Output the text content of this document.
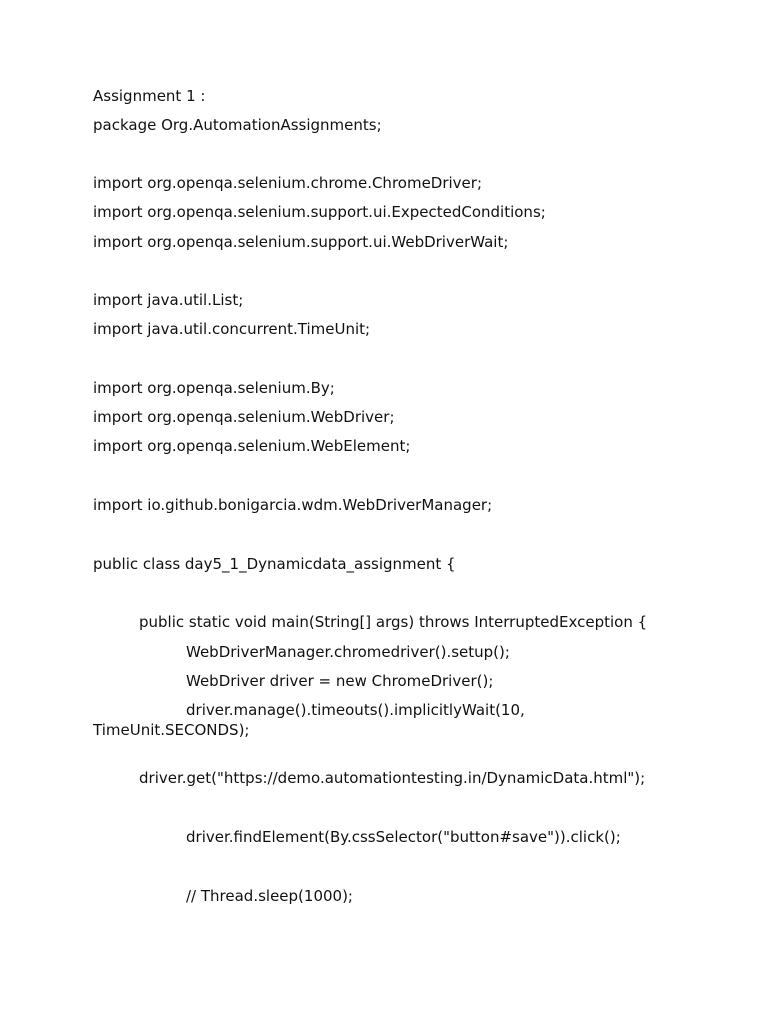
Assignment 1 :
package Org.AutomationAssignments;
import org.openqa.selenium.chrome.ChromeDriver;
import org.openqa.selenium.support.ui.ExpectedConditions;
import org.openqa.selenium.support.ui.WebDriverWait;
import java.util.List;
import java.util.concurrent.TimeUnit;
import org.openqa.selenium.By;
import org.openqa.selenium.WebDriver;
import org.openqa.selenium.WebElement;
import io.github.bonigarcia.wdm.WebDriverManager;
public class day5_1_Dynamicdata_assignment {
public static void main(String[] args) throws InterruptedException {
WebDriverManager.chromedriver().setup();
WebDriver driver = new ChromeDriver();
driver.manage().timeouts().implicitlyWait(10,
TimeUnit.SECONDS);
driver.get("https://demo.automationtesting.in/DynamicData.html");
driver.findElement(By.cssSelector("button#save")).click();
// Thread.sleep(1000);
